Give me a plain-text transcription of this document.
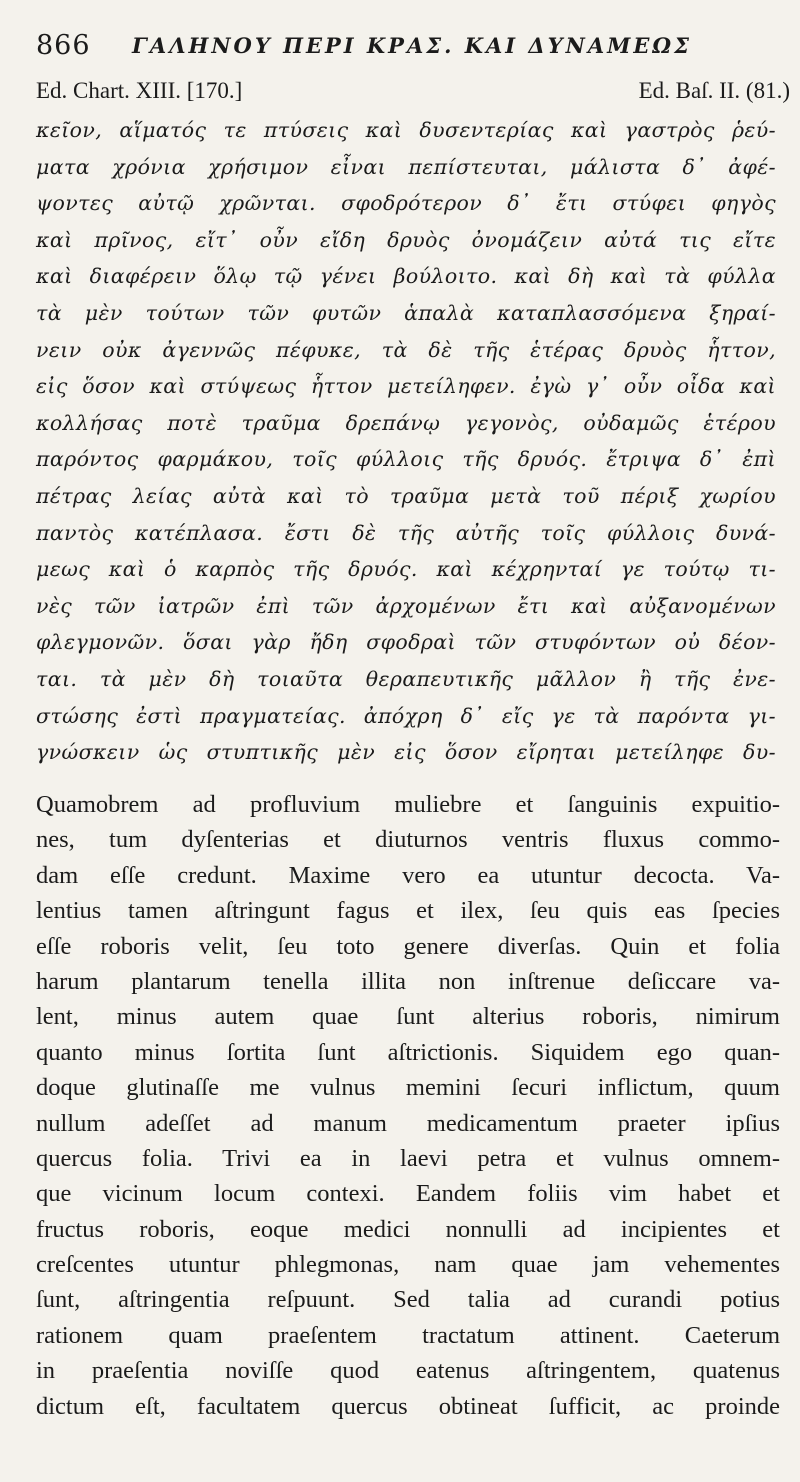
866 ΓΑΛΗΝΟΥ ΠΕΡΙ ΚΡΑΣ. ΚΑΙ ΔΥΝΑΜΕΩΣ
Ed. Chart. XIII. [170.]	Ed. Baſ. II. (81.)
κεῖον, αἵματός τε πτύσεις καὶ δυσεντερίας καὶ γαστρὸς ῥεύ-
ματα χρόνια χρήσιμον εἶναι πεπίστευται, μάλιστα δ᾽ ἀφέ-
ψοντες αὐτῷ χρῶνται. σφοδρότερον δ᾽ ἔτι στύφει φηγὸς
καὶ πρῖνος, εἴτ᾽ οὖν εἴδη δρυὸς ὀνομάζειν αὐτά τις εἴτε
καὶ διαφέρειν ὅλῳ τῷ γένει βούλοιτο. καὶ δὴ καὶ τὰ φύλλα
τὰ μὲν τούτων τῶν φυτῶν ἁπαλὰ καταπλασσόμενα ξηραί-
νειν οὐκ ἀγεννῶς πέφυκε, τὰ δὲ τῆς ἑτέρας δρυὸς ἧττον,
εἰς ὅσον καὶ στύψεως ἧττον μετείληφεν. ἐγὼ γ᾽ οὖν οἶδα καὶ
κολλήσας ποτὲ τραῦμα δρεπάνῳ γεγονὸς, οὐδαμῶς ἑτέρου
παρόντος φαρμάκου, τοῖς φύλλοις τῆς δρυός. ἔτριψα δ᾽ ἐπὶ
πέτρας λείας αὐτὰ καὶ τὸ τραῦμα μετὰ τοῦ πέριξ χωρίου
παντὸς κατέπλασα. ἔστι δὲ τῆς αὐτῆς τοῖς φύλλοις δυνά-
μεως καὶ ὁ καρπὸς τῆς δρυός. καὶ κέχρηνταί γε τούτῳ τι-
νὲς τῶν ἰατρῶν ἐπὶ τῶν ἀρχομένων ἔτι καὶ αὐξανομένων
φλεγμονῶν. ὅσαι γὰρ ἤδη σφοδραὶ τῶν στυφόντων οὐ δέον-
ται. τὰ μὲν δὴ τοιαῦτα θεραπευτικῆς μᾶλλον ἢ τῆς ἐνε-
στώσης ἐστὶ πραγματείας. ἀπόχρη δ᾽ εἴς γε τὰ παρόντα γι-
γνώσκειν ὡς στυπτικῆς μὲν εἰς ὅσον εἴρηται μετείληφε δυ-
Quamobrem ad profluvium muliebre et ſanguinis expuitio-
nes, tum dyſenterias et diuturnos ventris fluxus commo-
dam eſſe credunt. Maxime vero ea utuntur decocta. Va-
lentius tamen aſtringunt fagus et ilex, ſeu quis eas ſpecies
eſſe roboris velit, ſeu toto genere diverſas. Quin et folia
harum plantarum tenella illita non inſtrenue deſiccare va-
lent, minus autem quae ſunt alterius roboris, nimirum
quanto minus ſortita ſunt aſtrictionis. Siquidem ego quan-
doque glutinaſſe me vulnus memini ſecuri inflictum, quum
nullum adeſſet ad manum medicamentum praeter ipſius
quercus folia. Trivi ea in laevi petra et vulnus omnem-
que vicinum locum contexi. Eandem foliis vim habet et
fructus roboris, eoque medici nonnulli ad incipientes et
creſcentes utuntur phlegmonas, nam quae jam vehementes
ſunt, aſtringentia reſpuunt. Sed talia ad curandi potius
rationem quam praeſentem tractatum attinent. Caeterum
in praeſentia noviſſe quod eatenus aſtringentem, quatenus
dictum eſt, facultatem quercus obtineat ſufficit, ac proinde
